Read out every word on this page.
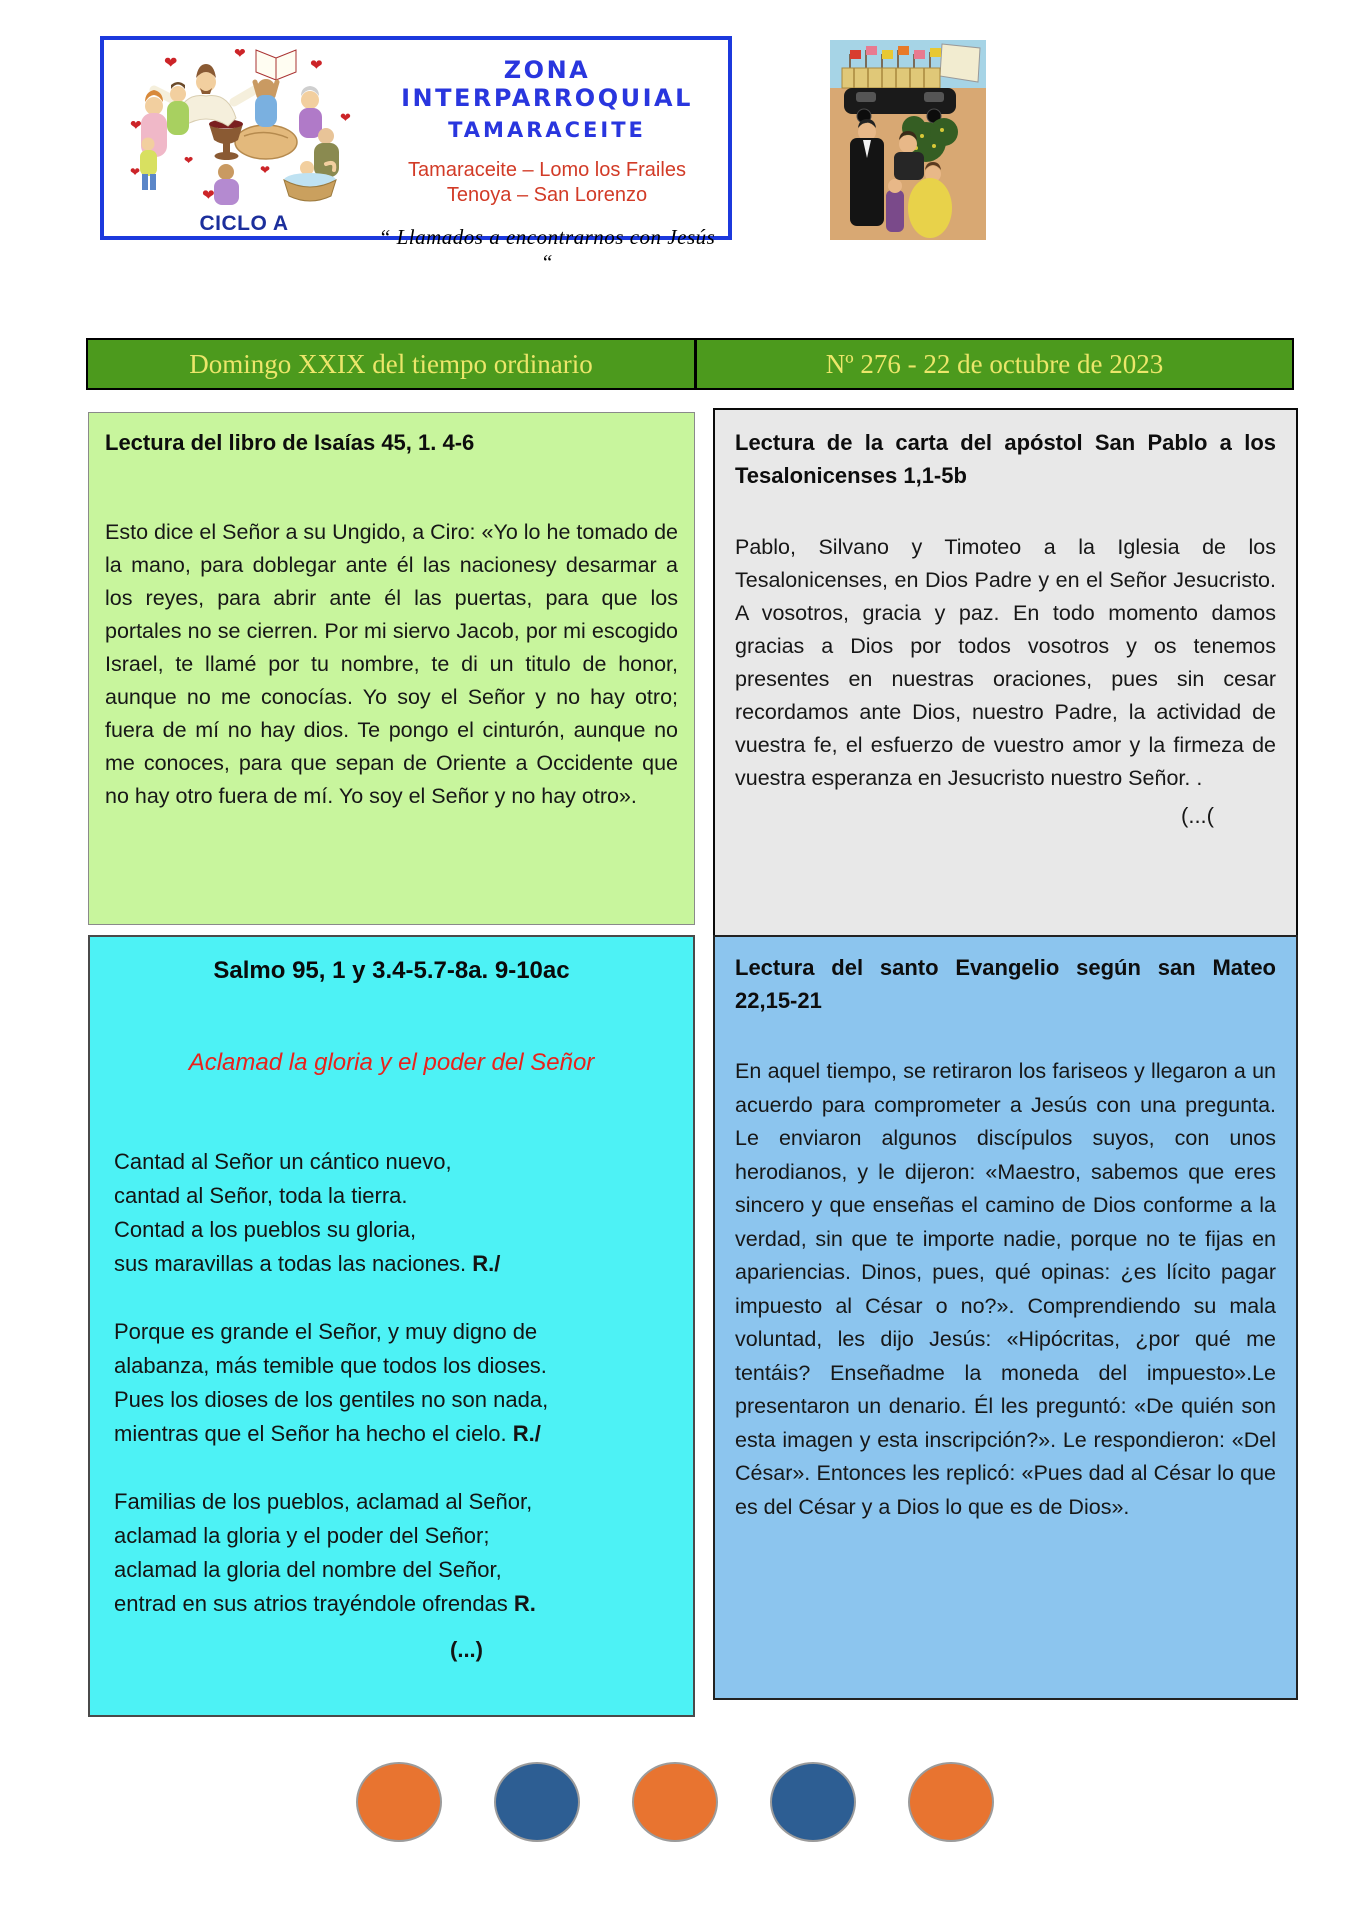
❤	❤
❤
❤	❤
❤
❤
❤
❤
CICLO A
ZONA INTERPARROQUIAL
TAMARACEITE
Tamaraceite – Lomo los Frailes
Tenoya – San Lorenzo
“ Llamados a encontrarnos con Jesús “
Domingo XXIX del tiempo ordinario	Nº 276 - 22 de octubre de 2023
Lectura del libro de Isaías 45, 1. 4-6
Esto dice el Señor a su Ungido, a Ciro: «Yo lo he tomado de la mano, para doblegar ante él las nacionesy desarmar a los reyes, para abrir ante él las puertas, para que los portales no se cierren. Por mi siervo Jacob, por mi escogido Israel, te llamé por tu nombre, te di un titulo de honor, aunque no me conocías. Yo soy el Señor y no hay otro; fuera de mí no hay dios. Te pongo el cinturón, aunque no me conoces, para que sepan de Oriente a Occidente que no hay otro fuera de mí. Yo soy el Señor y no hay otro».
Lectura de la carta del apóstol San Pablo a los Tesalonicenses 1,1-5b
Pablo, Silvano y Timoteo a la Iglesia de los Tesalonicenses, en Dios Padre y en el Señor Jesucristo. A vosotros, gracia y paz. En todo momento damos gracias a Dios por todos vosotros y os tenemos presentes en nuestras oraciones, pues sin cesar recordamos ante Dios, nuestro Padre, la actividad de vuestra fe, el esfuerzo de vuestro amor y la firmeza de vuestra esperanza en Jesucristo nuestro Señor. .
(...(
Salmo 95, 1 y 3.4-5.7-8a. 9-10ac
Aclamad la gloria y el poder del Señor
Cantad al Señor un cántico nuevo,
cantad al Señor, toda la tierra.
Contad a los pueblos su gloria,
sus maravillas a todas las naciones. R./
Porque es grande el Señor, y muy digno de
alabanza, más temible que todos los dioses.
Pues los dioses de los gentiles no son nada,
mientras que el Señor ha hecho el cielo. R./
Familias de los pueblos, aclamad al Señor,
aclamad la gloria y el poder del Señor;
aclamad la gloria del nombre del Señor,
entrad en sus atrios trayéndole ofrendas R.
(...)
Lectura del santo Evangelio según san Mateo 22,15-21
En aquel tiempo, se retiraron los fariseos y llegaron a un acuerdo para comprometer a Jesús con una pregunta. Le enviaron algunos discípulos suyos, con unos herodianos, y le dijeron: «Maestro, sabemos que eres sincero y que enseñas el camino de Dios conforme a la verdad, sin que te importe nadie, porque no te fijas en apariencias. Dinos, pues, qué opinas: ¿es lícito pagar impuesto al César o no?». Comprendiendo su mala voluntad, les dijo Jesús: «Hipócritas, ¿por qué me tentáis? Enseñadme la moneda del impuesto».Le presentaron un denario. Él les preguntó: «De quién son esta imagen y esta inscripción?». Le respondieron: «Del César». Entonces les replicó: «Pues dad al César lo que es del César y a Dios lo que es de Dios».
